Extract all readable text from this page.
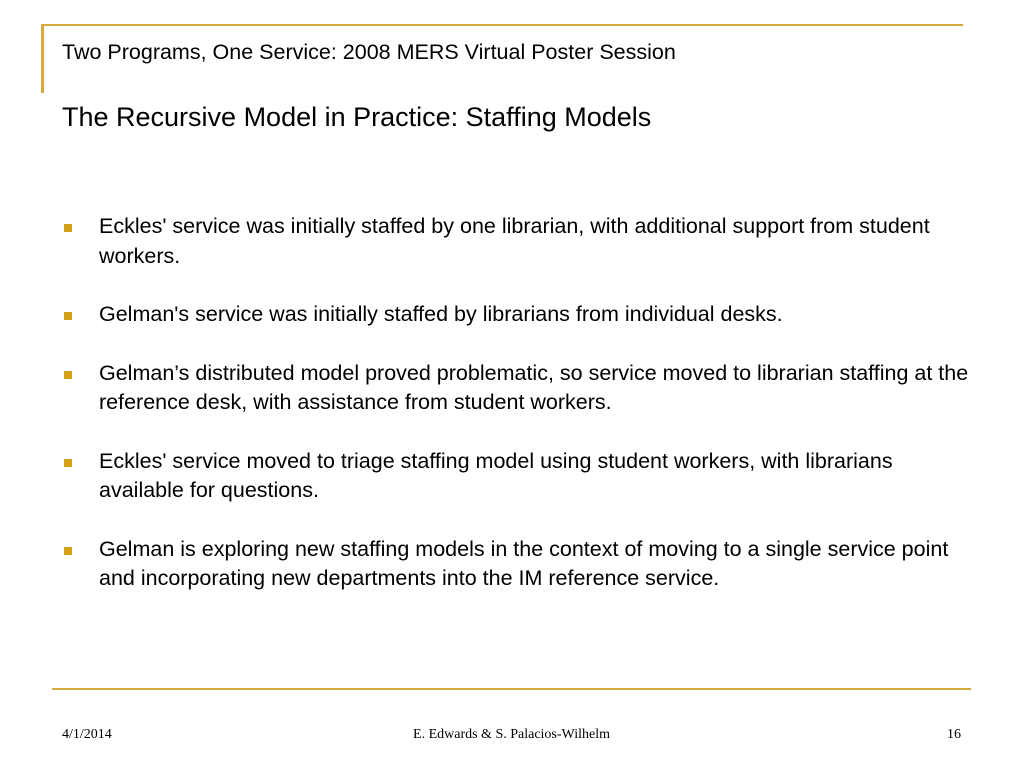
Two Programs, One Service: 2008 MERS Virtual Poster Session
The Recursive Model in Practice: Staffing Models
Eckles' service was initially staffed by one librarian, with additional support from student workers.
Gelman's service was initially staffed by librarians from individual desks.
Gelman’s distributed model proved problematic, so service moved to librarian staffing at the reference desk, with assistance from student workers.
Eckles' service moved to triage staffing model using student workers, with librarians available for questions.
Gelman is exploring new staffing models in the context of moving to a single service point and incorporating new departments into the IM reference service.
4/1/2014	E. Edwards & S. Palacios-Wilhelm	16
